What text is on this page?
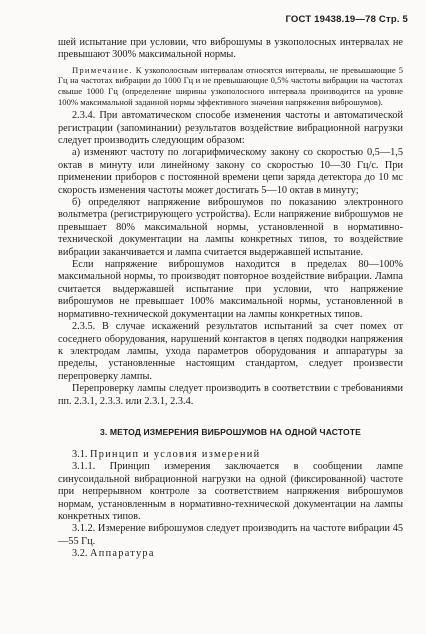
ГОСТ 19438.19—78 Стр. 5

шей испытание при условии, что виброшумы в узкополосных интервалах не превышают 300% максимальной нормы.

Примечание. К узкополосным интервалам относятся интервалы, не превышающие 5 Гц на частотах вибрации до 1000 Гц и не превышающие 0,5% частоты вибрации на частотах свыше 1000 Гц (определение ширины узкополосного интервала производится на уровне 100% максимальной заданной нормы эффективного значения напряжения виброшумов).

2.3.4. При автоматическом способе изменения частоты и автоматической регистрации (запоминании) результатов воздействие вибрационной нагрузки следует производить следующим образом:

а) изменяют частоту по логарифмическому закону со скоростью 0,5—1,5 октав в минуту или линейному закону со скоростью 10—30 Гц/с. При применении приборов с постоянной времени цепи заряда детектора до 10 мс скорость изменения частоты может достигать 5—10 октав в минуту;

б) определяют напряжение виброшумов по показанию электронного вольтметра (регистрирующего устройства). Если напряжение виброшумов не превышает 80% максимальной нормы, установленной в нормативно-технической документации на лампы конкретных типов, то воздействие вибрации заканчивается и лампа считается выдержавшей испытание.

Если напряжение виброшумов находится в пределах 80—100% максимальной нормы, то производят повторное воздействие вибрации. Лампа считается выдержавшей испытание при условии, что напряжение виброшумов не превышает 100% максимальной нормы, установленной в нормативно-технической документации на лампы конкретных типов.

2.3.5. В случае искажений результатов испытаний за счет помех от соседнего оборудования, нарушений контактов в цепях подводки напряжения к электродам лампы, ухода параметров оборудования и аппаратуры за пределы, установленные настоящим стандартом, следует произвести перепроверку лампы.

Перепроверку лампы следует производить в соответствии с требованиями пп. 2.3.1, 2.3.3. или 2.3.1, 2.3.4.

3. МЕТОД ИЗМЕРЕНИЯ ВИБРОШУМОВ НА ОДНОЙ ЧАСТОТЕ

3.1. Принцип и условия измерений

3.1.1. Принцип измерения заключается в сообщении лампе синусоидальной вибрационной нагрузки на одной (фиксированной) частоте при непрерывном контроле за соответствием напряжения виброшумов нормам, установленным в нормативно-технической документации на лампы конкретных типов.

3.1.2. Измерение виброшумов следует производить на частоте вибрации 45—55 Гц.

3.2. Аппаратура
